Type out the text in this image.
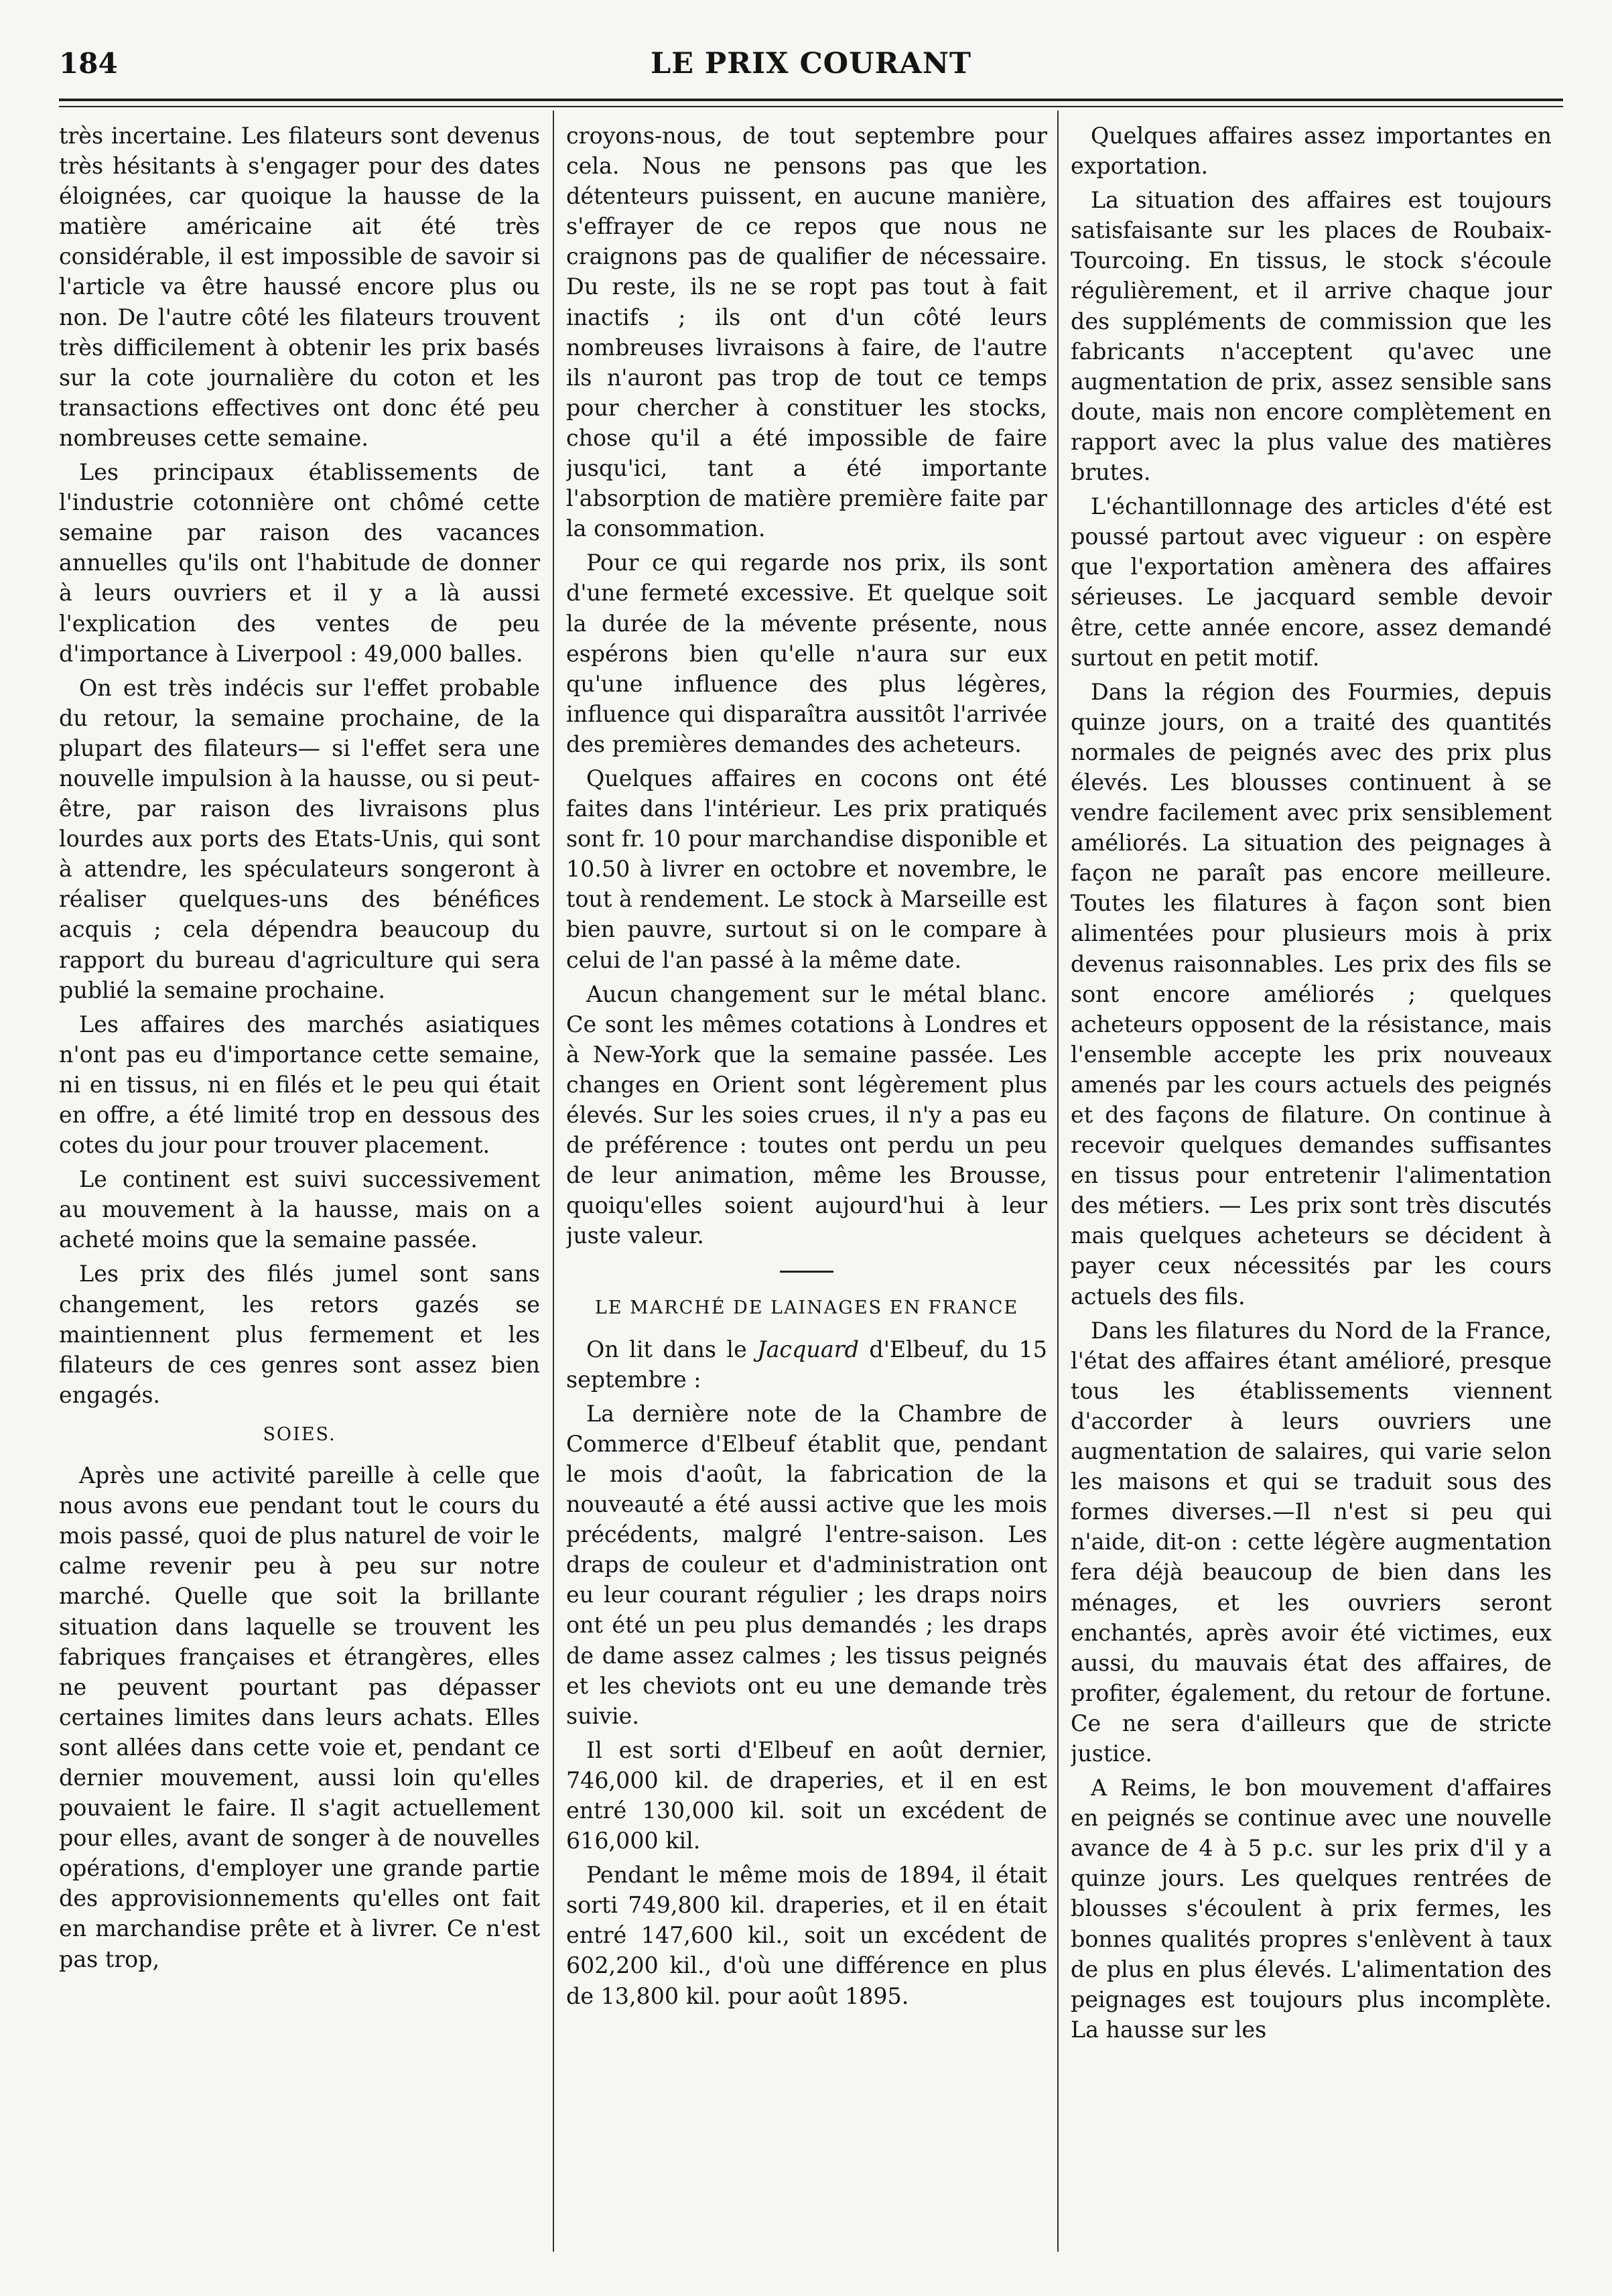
184	LE PRIX COURANT

très incertaine. Les filateurs sont devenus très hésitants à s'engager pour des dates éloignées, car quoique la hausse de la matière américaine ait été très considérable, il est impossible de savoir si l'article va être haussé encore plus ou non. De l'autre côté les filateurs trouvent très difficilement à obtenir les prix basés sur la cote journalière du coton et les transactions effectives ont donc été peu nombreuses cette semaine.

Les principaux établissements de l'industrie cotonnière ont chômé cette semaine par raison des vacances annuelles qu'ils ont l'habitude de donner à leurs ouvriers et il y a là aussi l'explication des ventes de peu d'importance à Liverpool : 49,000 balles.

On est très indécis sur l'effet probable du retour, la semaine prochaine, de la plupart des filateurs— si l'effet sera une nouvelle impulsion à la hausse, ou si peut-être, par raison des livraisons plus lourdes aux ports des Etats-Unis, qui sont à attendre, les spéculateurs songeront à réaliser quelques-uns des bénéfices acquis ; cela dépendra beaucoup du rapport du bureau d'agriculture qui sera publié la semaine prochaine.

Les affaires des marchés asiatiques n'ont pas eu d'importance cette semaine, ni en tissus, ni en filés et le peu qui était en offre, a été limité trop en dessous des cotes du jour pour trouver placement.

Le continent est suivi successivement au mouvement à la hausse, mais on a acheté moins que la semaine passée.

Les prix des filés jumel sont sans changement, les retors gazés se maintiennent plus fermement et les filateurs de ces genres sont assez bien engagés.

SOIES.

Après une activité pareille à celle que nous avons eue pendant tout le cours du mois passé, quoi de plus naturel de voir le calme revenir peu à peu sur notre marché. Quelle que soit la brillante situation dans laquelle se trouvent les fabriques françaises et étrangères, elles ne peuvent pourtant pas dépasser certaines limites dans leurs achats. Elles sont allées dans cette voie et, pendant ce dernier mouvement, aussi loin qu'elles pouvaient le faire. Il s'agit actuellement pour elles, avant de songer à de nouvelles opérations, d'employer une grande partie des approvisionnements qu'elles ont fait en marchandise prête et à livrer. Ce n'est pas trop,

croyons-nous, de tout septembre pour cela. Nous ne pensons pas que les détenteurs puissent, en aucune manière, s'effrayer de ce repos que nous ne craignons pas de qualifier de nécessaire. Du reste, ils ne se ropt pas tout à fait inactifs ; ils ont d'un côté leurs nombreuses livraisons à faire, de l'autre ils n'auront pas trop de tout ce temps pour chercher à constituer les stocks, chose qu'il a été impossible de faire jusqu'ici, tant a été importante l'absorption de matière première faite par la consommation.

Pour ce qui regarde nos prix, ils sont d'une fermeté excessive. Et quelque soit la durée de la mévente présente, nous espérons bien qu'elle n'aura sur eux qu'une influence des plus légères, influence qui disparaîtra aussitôt l'arrivée des premières demandes des acheteurs.

Quelques affaires en cocons ont été faites dans l'intérieur. Les prix pratiqués sont fr. 10 pour marchandise disponible et 10.50 à livrer en octobre et novembre, le tout à rendement. Le stock à Marseille est bien pauvre, surtout si on le compare à celui de l'an passé à la même date.

Aucun changement sur le métal blanc. Ce sont les mêmes cotations à Londres et à New-York que la semaine passée. Les changes en Orient sont légèrement plus élevés. Sur les soies crues, il n'y a pas eu de préférence : toutes ont perdu un peu de leur animation, même les Brousse, quoiqu'elles soient aujourd'hui à leur juste valeur.

LE MARCHÉ DE LAINAGES EN FRANCE

On lit dans le Jacquard d'Elbeuf, du 15 septembre :

La dernière note de la Chambre de Commerce d'Elbeuf établit que, pendant le mois d'août, la fabrication de la nouveauté a été aussi active que les mois précédents, malgré l'entre-saison. Les draps de couleur et d'administration ont eu leur courant régulier ; les draps noirs ont été un peu plus demandés ; les draps de dame assez calmes ; les tissus peignés et les cheviots ont eu une demande très suivie.

Il est sorti d'Elbeuf en août dernier, 746,000 kil. de draperies, et il en est entré 130,000 kil. soit un excédent de 616,000 kil.

Pendant le même mois de 1894, il était sorti 749,800 kil. draperies, et il en était entré 147,600 kil., soit un excédent de 602,200 kil., d'où une différence en plus de 13,800 kil. pour août 1895.

Quelques affaires assez importantes en exportation.

La situation des affaires est toujours satisfaisante sur les places de Roubaix-Tourcoing. En tissus, le stock s'écoule régulièrement, et il arrive chaque jour des suppléments de commission que les fabricants n'acceptent qu'avec une augmentation de prix, assez sensible sans doute, mais non encore complètement en rapport avec la plus value des matières brutes.

L'échantillonnage des articles d'été est poussé partout avec vigueur : on espère que l'exportation amènera des affaires sérieuses. Le jacquard semble devoir être, cette année encore, assez demandé surtout en petit motif.

Dans la région des Fourmies, depuis quinze jours, on a traité des quantités normales de peignés avec des prix plus élevés. Les blousses continuent à se vendre facilement avec prix sensiblement améliorés. La situation des peignages à façon ne paraît pas encore meilleure. Toutes les filatures à façon sont bien alimentées pour plusieurs mois à prix devenus raisonnables. Les prix des fils se sont encore améliorés ; quelques acheteurs opposent de la résistance, mais l'ensemble accepte les prix nouveaux amenés par les cours actuels des peignés et des façons de filature. On continue à recevoir quelques demandes suffisantes en tissus pour entretenir l'alimentation des métiers. — Les prix sont très discutés mais quelques acheteurs se décident à payer ceux nécessités par les cours actuels des fils.

Dans les filatures du Nord de la France, l'état des affaires étant amélioré, presque tous les établissements viennent d'accorder à leurs ouvriers une augmentation de salaires, qui varie selon les maisons et qui se traduit sous des formes diverses.—Il n'est si peu qui n'aide, dit-on : cette légère augmentation fera déjà beaucoup de bien dans les ménages, et les ouvriers seront enchantés, après avoir été victimes, eux aussi, du mauvais état des affaires, de profiter, également, du retour de fortune. Ce ne sera d'ailleurs que de stricte justice.

A Reims, le bon mouvement d'affaires en peignés se continue avec une nouvelle avance de 4 à 5 p.c. sur les prix d'il y a quinze jours. Les quelques rentrées de blousses s'écoulent à prix fermes, les bonnes qualités propres s'enlèvent à taux de plus en plus élevés. L'alimentation des peignages est toujours plus incomplète. La hausse sur les
